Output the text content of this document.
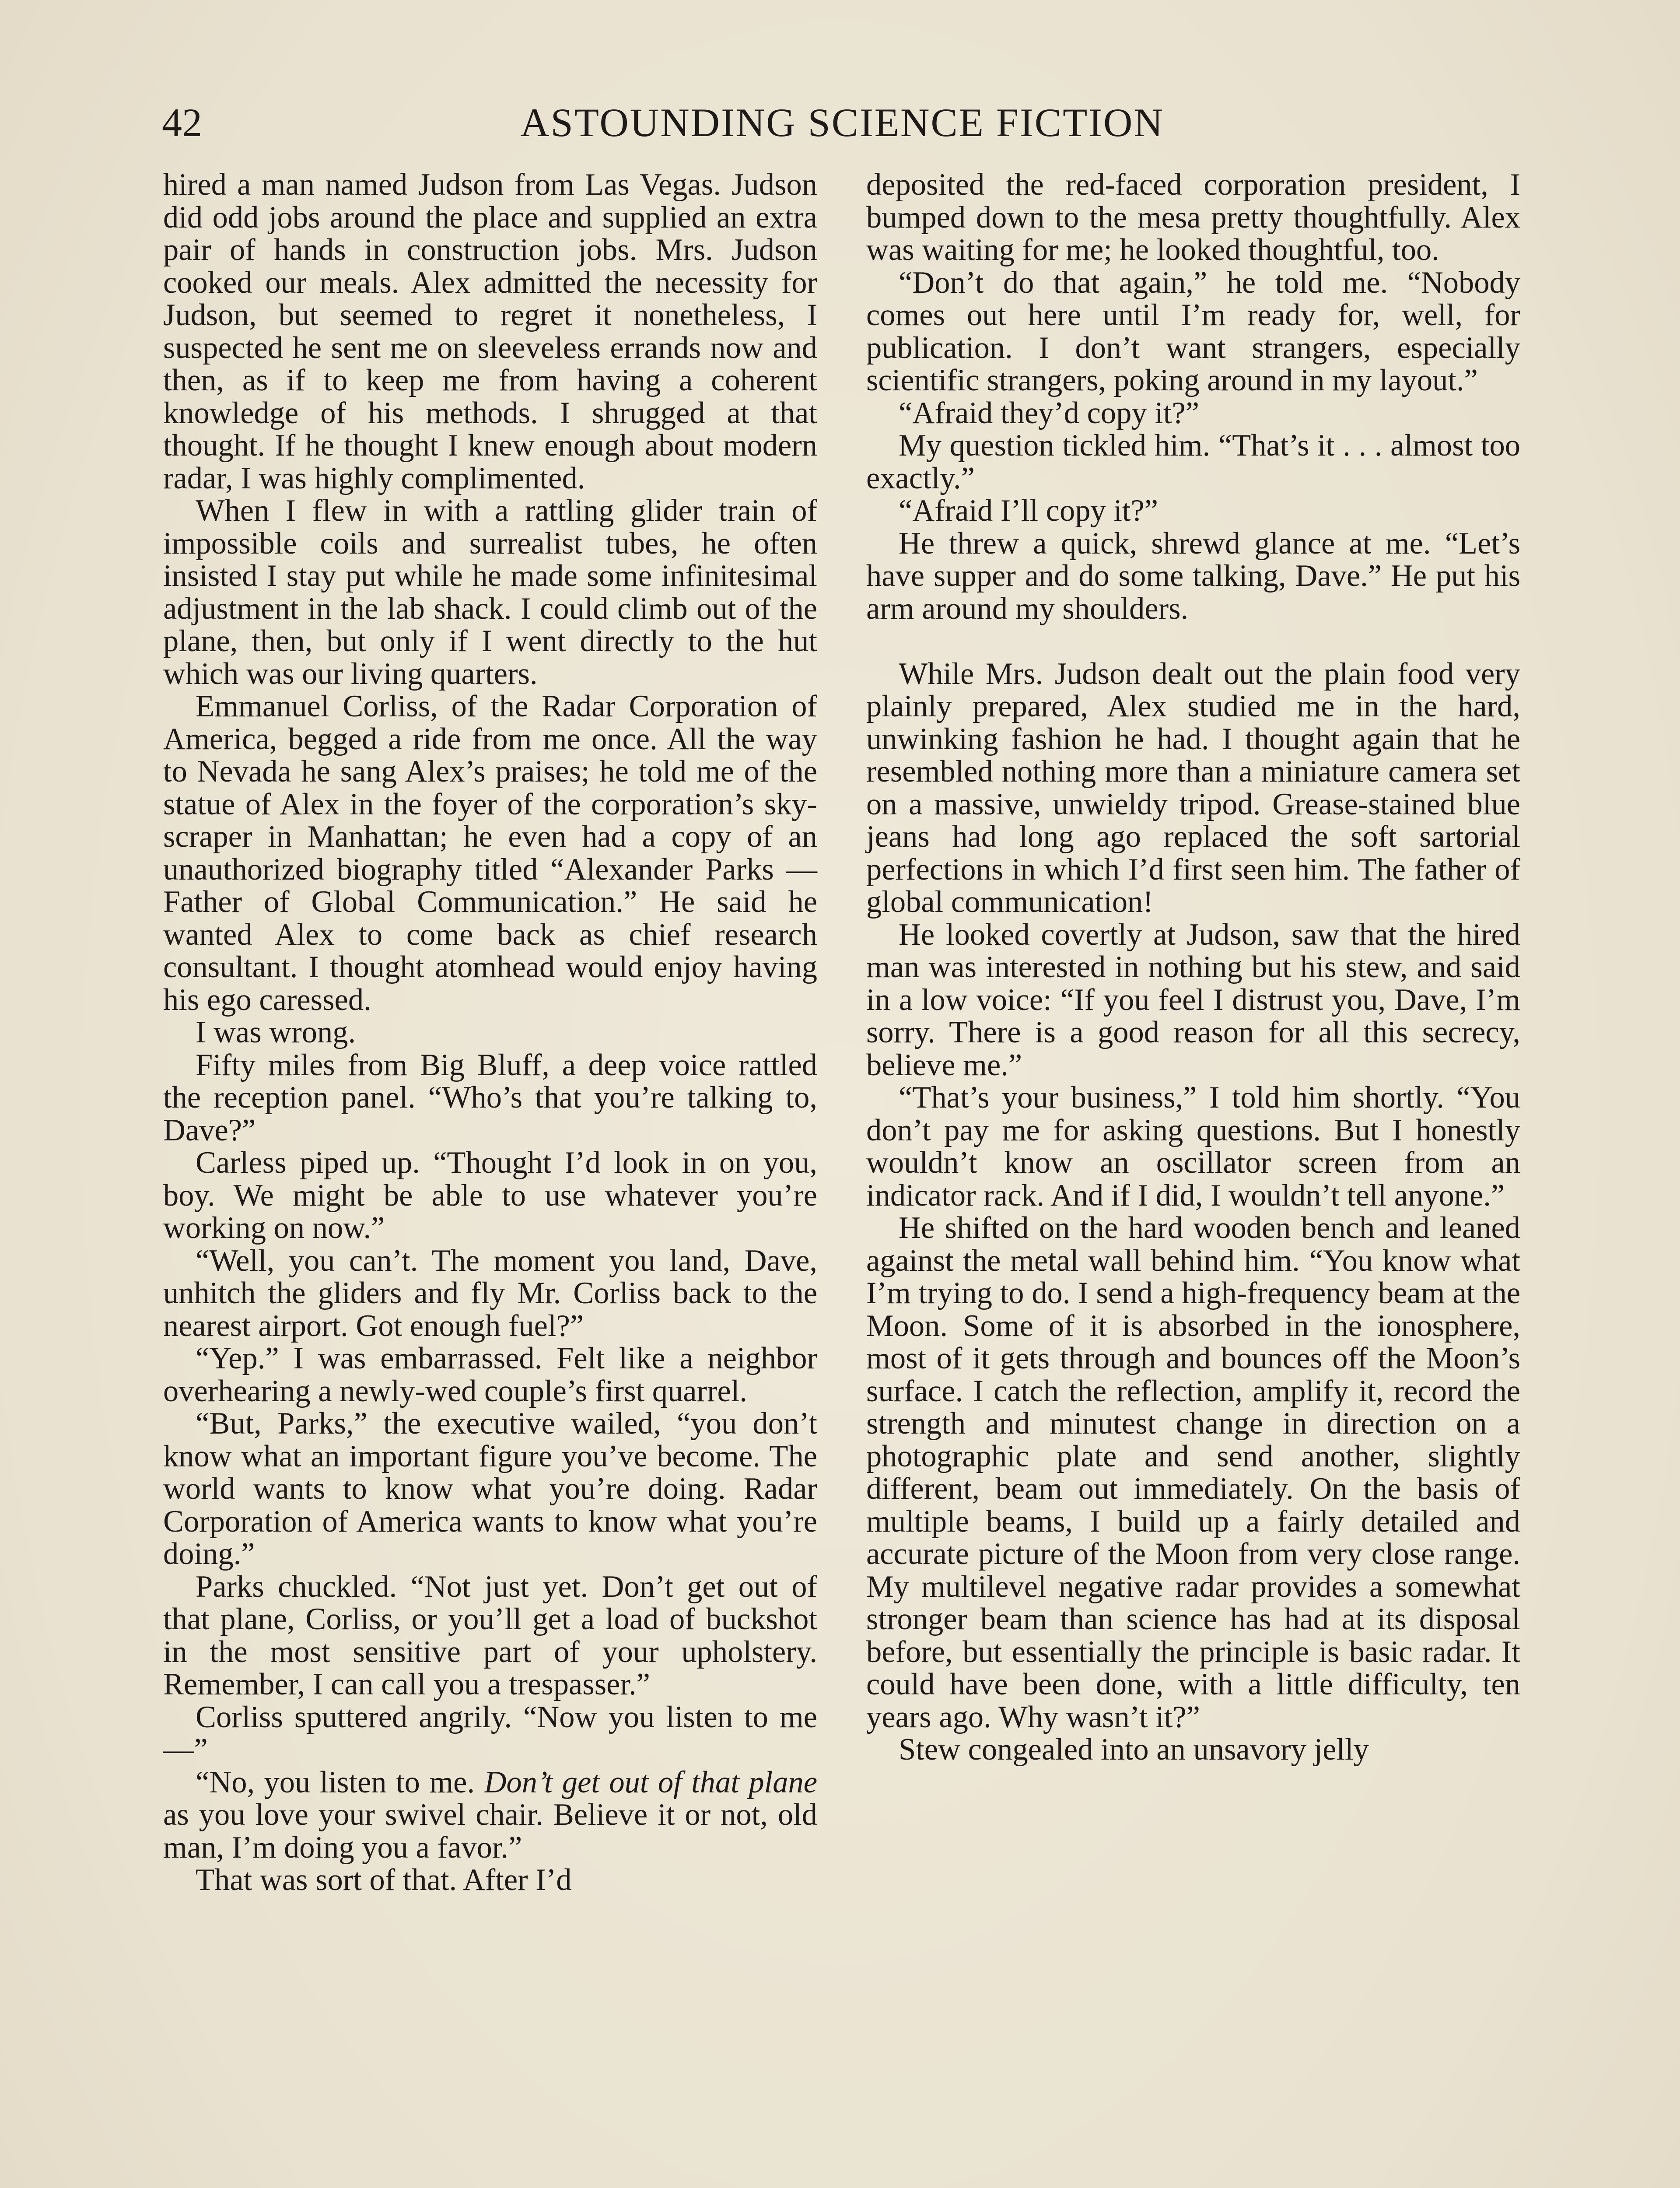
42	ASTOUNDING SCIENCE FICTION

hired a man named Judson from Las Vegas. Judson did odd jobs around the place and supplied an extra pair of hands in construction jobs. Mrs. Judson cooked our meals. Alex admitted the necessity for Judson, but seemed to regret it nonetheless, I suspected he sent me on sleeveless errands now and then, as if to keep me from having a coherent knowledge of his methods. I shrugged at that thought. If he thought I knew enough about modern radar, I was highly complimented.

When I flew in with a rattling glider train of impossible coils and surrealist tubes, he often insisted I stay put while he made some infinitesimal adjustment in the lab shack. I could climb out of the plane, then, but only if I went directly to the hut which was our living quarters.

Emmanuel Corliss, of the Radar Corporation of America, begged a ride from me once. All the way to Nevada he sang Alex’s praises; he told me of the statue of Alex in the foyer of the corporation’s sky-scraper in Manhattan; he even had a copy of an unauthorized biography titled “Alexander Parks — Father of Global Communication.” He said he wanted Alex to come back as chief research consultant. I thought atomhead would enjoy having his ego caressed.

I was wrong.

Fifty miles from Big Bluff, a deep voice rattled the reception panel. “Who’s that you’re talking to, Dave?”

Carless piped up. “Thought I’d look in on you, boy. We might be able to use whatever you’re working on now.”

“Well, you can’t. The moment you land, Dave, unhitch the gliders and fly Mr. Corliss back to the nearest airport. Got enough fuel?”

“Yep.” I was embarrassed. Felt like a neighbor overhearing a newly-wed couple’s first quarrel.

“But, Parks,” the executive wailed, “you don’t know what an important figure you’ve become. The world wants to know what you’re doing. Radar Corporation of America wants to know what you’re doing.”

Parks chuckled. “Not just yet. Don’t get out of that plane, Corliss, or you’ll get a load of buckshot in the most sensitive part of your upholstery. Remember, I can call you a trespasser.”

Corliss sputtered angrily. “Now you listen to me—”

“No, you listen to me. Don’t get out of that plane as you love your swivel chair. Believe it or not, old man, I’m doing you a favor.”

That was sort of that. After I’d

deposited the red-faced corporation president, I bumped down to the mesa pretty thoughtfully. Alex was waiting for me; he looked thoughtful, too.

“Don’t do that again,” he told me. “Nobody comes out here until I’m ready for, well, for publication. I don’t want strangers, especially scientific strangers, poking around in my layout.”

“Afraid they’d copy it?”

My question tickled him. “That’s it . . . almost too exactly.”

“Afraid I’ll copy it?”

He threw a quick, shrewd glance at me. “Let’s have supper and do some talking, Dave.” He put his arm around my shoulders.

While Mrs. Judson dealt out the plain food very plainly prepared, Alex studied me in the hard, unwinking fashion he had. I thought again that he resembled nothing more than a miniature camera set on a massive, unwieldy tripod. Grease-stained blue jeans had long ago replaced the soft sartorial perfections in which I’d first seen him. The father of global communication!

He looked covertly at Judson, saw that the hired man was interested in nothing but his stew, and said in a low voice: “If you feel I distrust you, Dave, I’m sorry. There is a good reason for all this secrecy, believe me.”

“That’s your business,” I told him shortly. “You don’t pay me for asking questions. But I honestly wouldn’t know an oscillator screen from an indicator rack. And if I did, I wouldn’t tell anyone.”

He shifted on the hard wooden bench and leaned against the metal wall behind him. “You know what I’m trying to do. I send a high-frequency beam at the Moon. Some of it is absorbed in the ionosphere, most of it gets through and bounces off the Moon’s surface. I catch the reflection, amplify it, record the strength and minutest change in direction on a photographic plate and send another, slightly different, beam out immediately. On the basis of multiple beams, I build up a fairly detailed and accurate picture of the Moon from very close range. My multilevel negative radar provides a somewhat stronger beam than science has had at its disposal before, but essentially the principle is basic radar. It could have been done, with a little difficulty, ten years ago. Why wasn’t it?”

Stew congealed into an unsavory jelly
